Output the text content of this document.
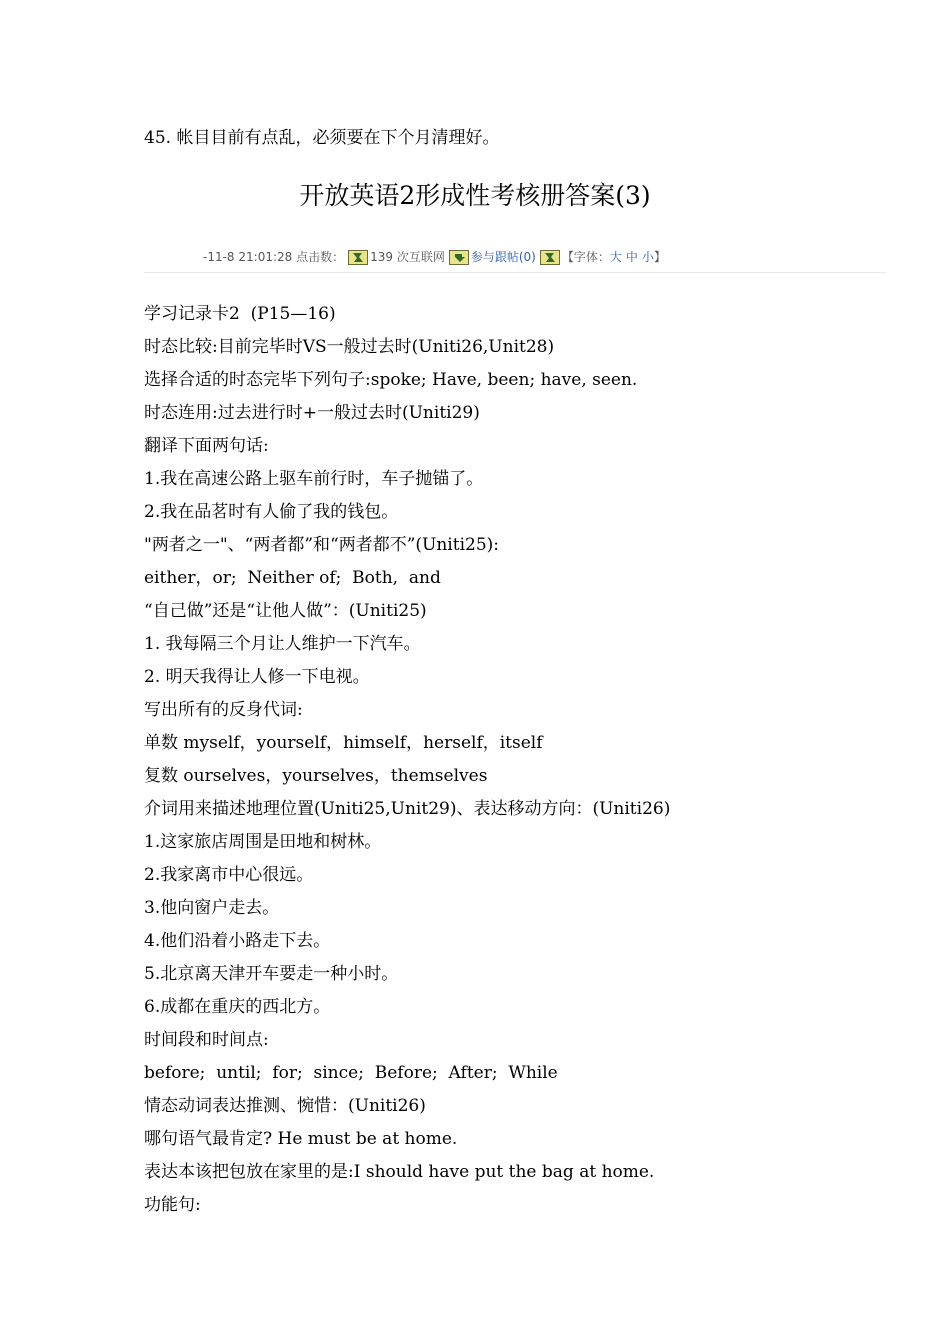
45. 帐目目前有点乱，必须要在下个月清理好。
开放英语2形成性考核册答案(3)
-11-8 21:01:28 点击数： 139 次互联网 参与跟帖(0) 【字体： 大 中 小 】
学习记录卡2  (P15—16)
时态比较:目前完毕时VS一般过去时(Uniti26,Unit28)
选择合适的时态完毕下列句子:spoke; Have, been; have, seen.
时态连用:过去进行时+一般过去时(Uniti29)
翻译下面两句话:
1.我在高速公路上驱车前行时，车子抛锚了。
2.我在品茗时有人偷了我的钱包。
"两者之一"、“两者都”和“两者都不”(Uniti25):
either，or;  Neither of;  Both,  and
“自己做”还是“让他人做”：(Uniti25)
1. 我每隔三个月让人维护一下汽车。
2. 明天我得让人修一下电视。
写出所有的反身代词:
单数 myself，yourself，himself，herself，itself
复数 ourselves，yourselves，themselves
介词用来描述地理位置(Uniti25,Unit29)、表达移动方向：(Uniti26)
1.这家旅店周围是田地和树林。
2.我家离市中心很远。
3.他向窗户走去。
4.他们沿着小路走下去。
5.北京离天津开车要走一种小时。
6.成都在重庆的西北方。
时间段和时间点:
before;  until;  for;  since;  Before;  After;  While
情态动词表达推测、惋惜：(Uniti26)
哪句语气最肯定? He must be at home.
表达本该把包放在家里的是:I should have put the bag at home.
功能句:
